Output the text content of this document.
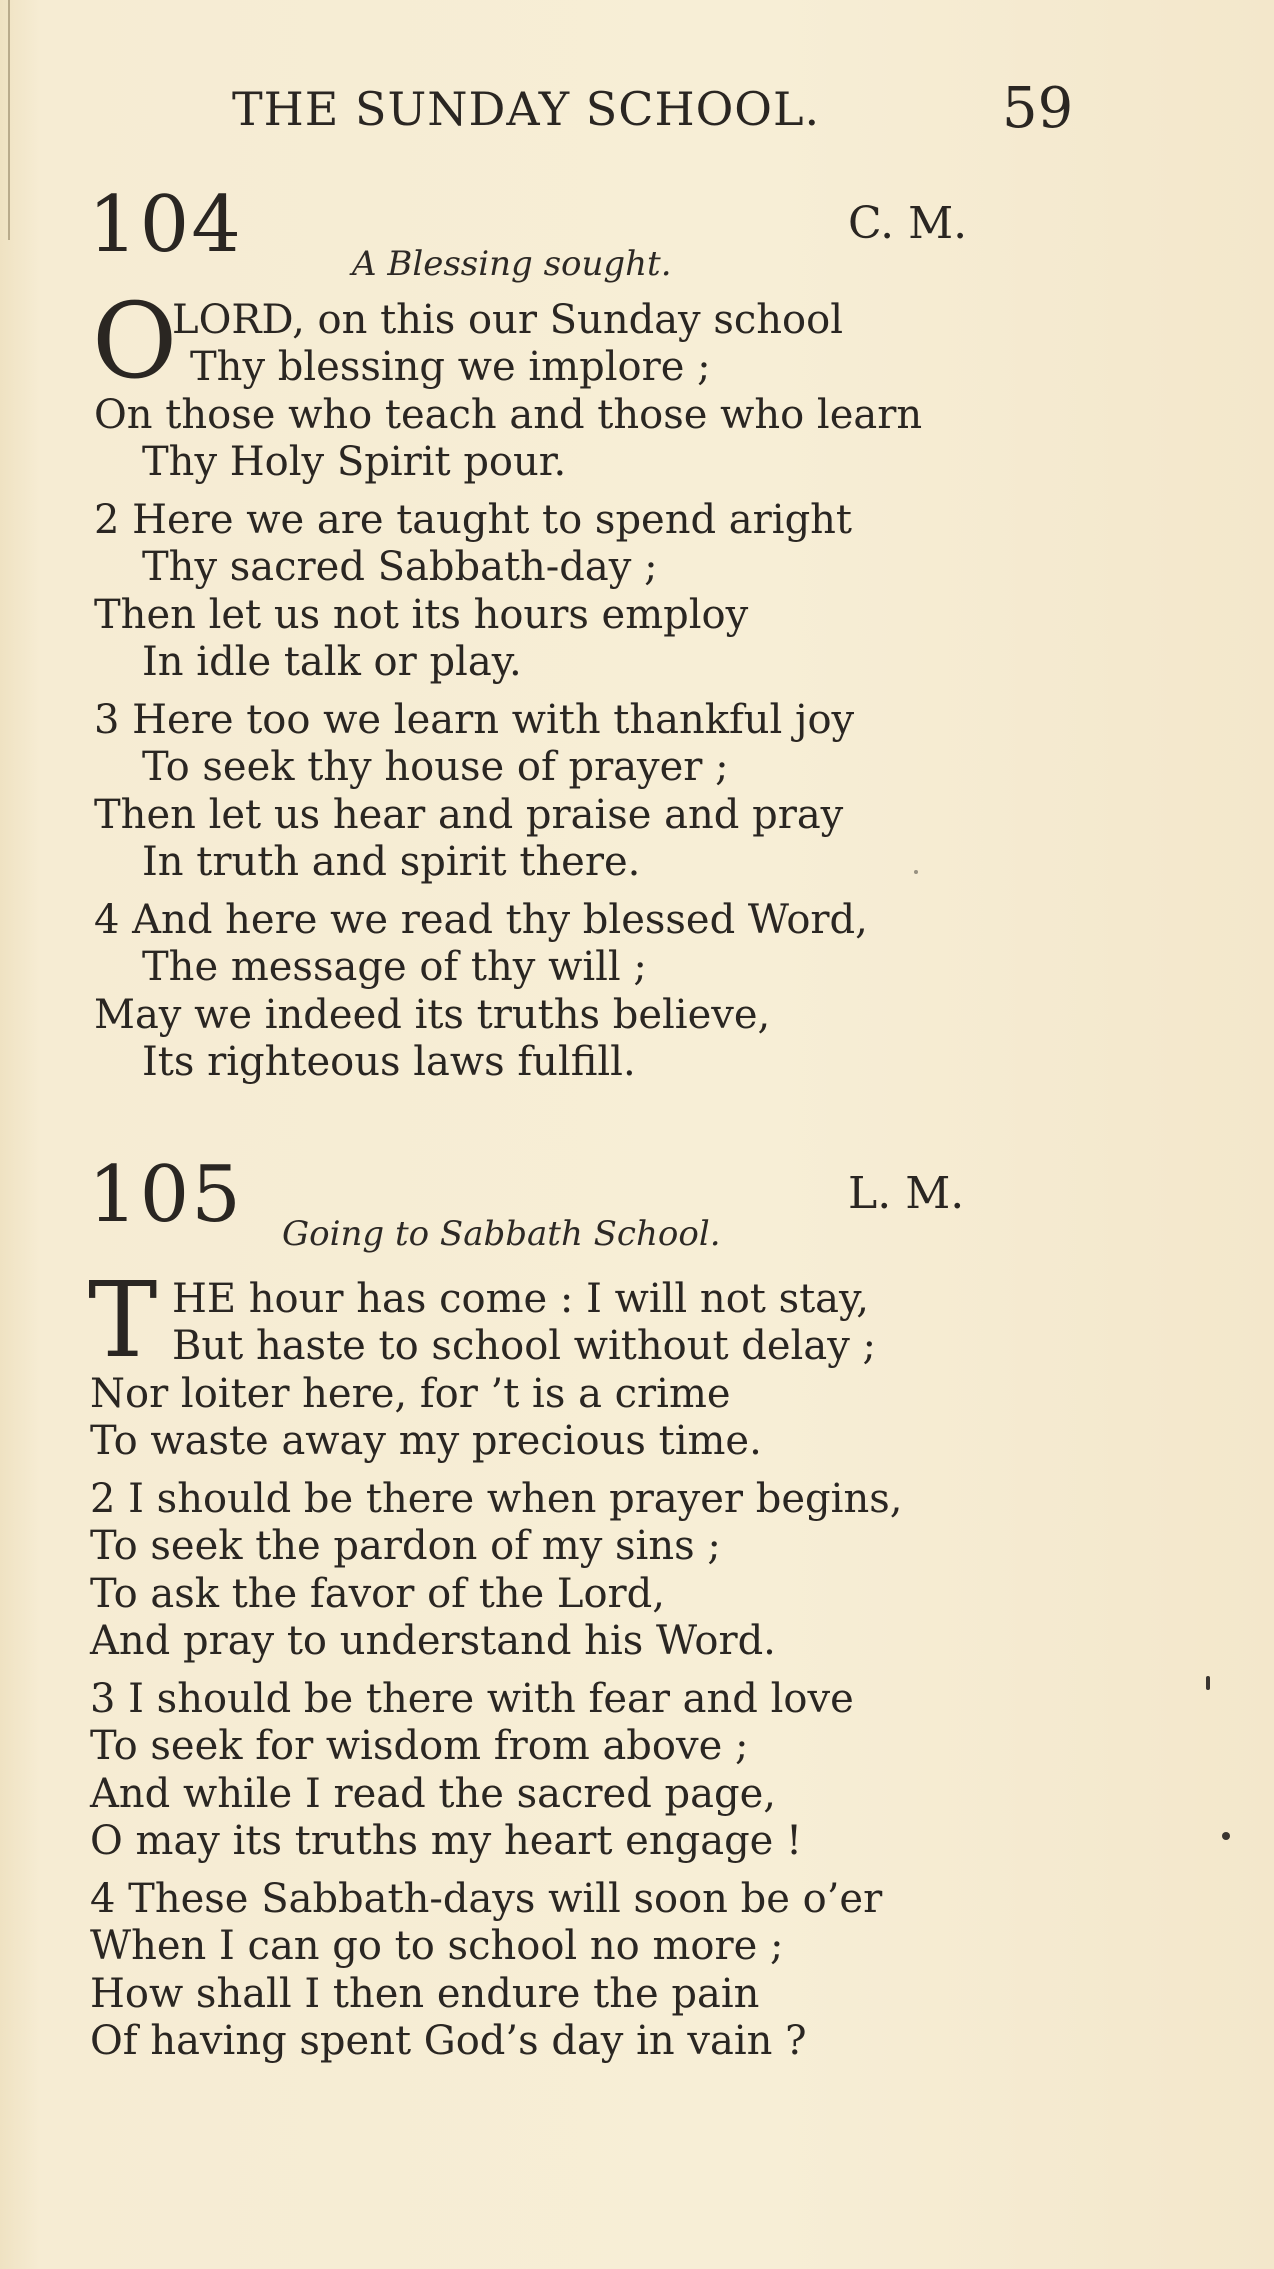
THE SUNDAY SCHOOL.	59
104	C. M.
A Blessing sought.
O
LORD, on this our Sunday school
Thy blessing we implore ;
On those who teach and those who learn
Thy Holy Spirit pour.
2 Here we are taught to spend aright
Thy sacred Sabbath-day ;
Then let us not its hours employ
In idle talk or play.
3 Here too we learn with thankful joy
To seek thy house of prayer ;
Then let us hear and praise and pray
In truth and spirit there.
4 And here we read thy blessed Word,
The message of thy will ;
May we indeed its truths believe,
Its righteous laws fulfill.
105	L. M.
Going to Sabbath School.
T HE hour has come : I will not stay,
But haste to school without delay ;
Nor loiter here, for ’t is a crime
To waste away my precious time.
2 I should be there when prayer begins,
To seek the pardon of my sins ;
To ask the favor of the Lord,
And pray to understand his Word.
3 I should be there with fear and love
To seek for wisdom from above ;
And while I read the sacred page,
O may its truths my heart engage !
4 These Sabbath-days will soon be o’er
When I can go to school no more ;
How shall I then endure the pain
Of having spent God’s day in vain ?
